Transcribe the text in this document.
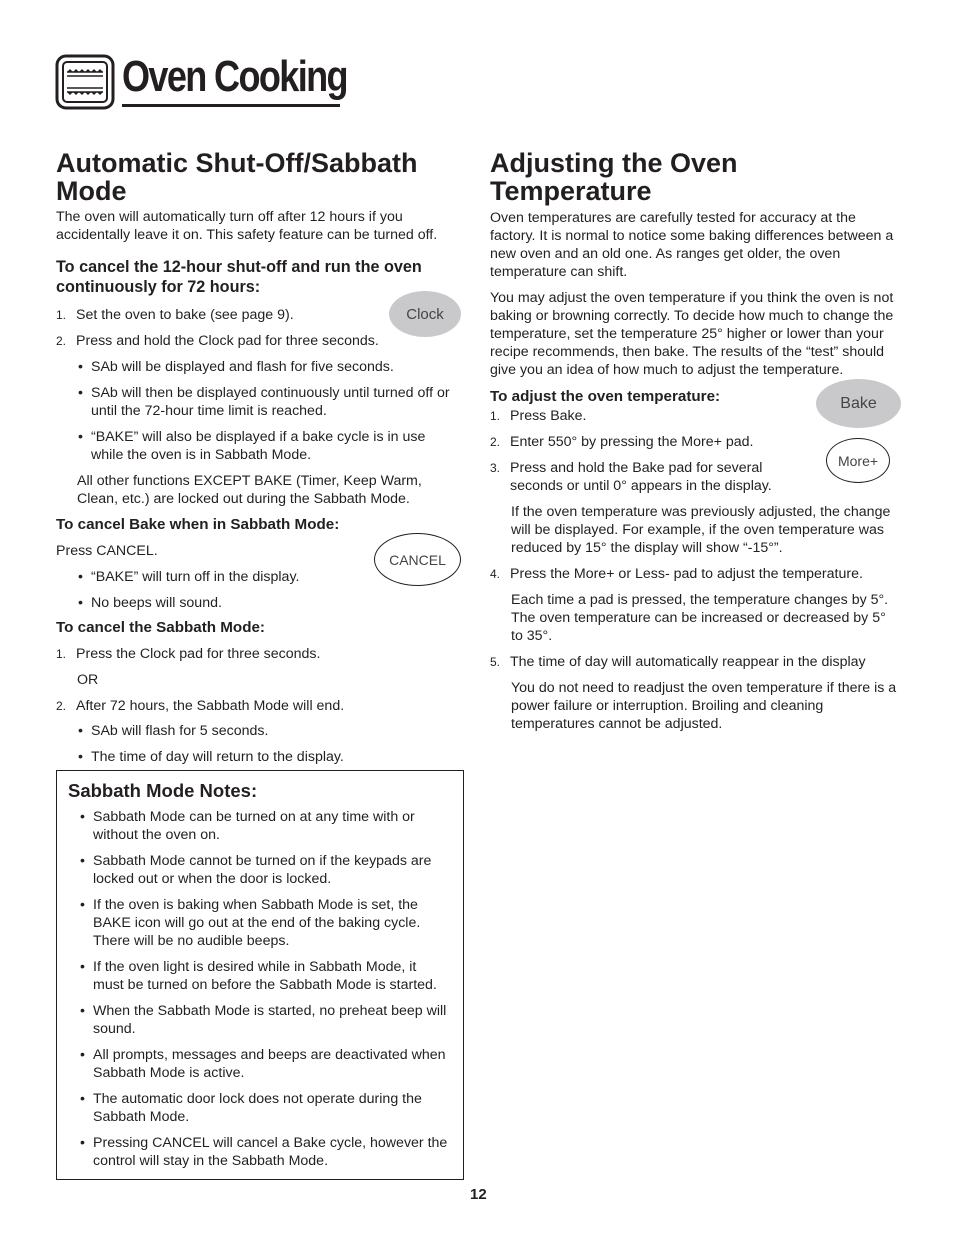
Oven Cooking
Automatic Shut-Off/Sabbath Mode

The oven will automatically turn off after 12 hours if you accidentally leave it on. This safety feature can be turned off.

To cancel the 12-hour shut-off and run the oven continuously for 72 hours:

1. Set the oven to bake (see page 9).
2. Press and hold the Clock pad for three seconds.
• SAb will be displayed and flash for five seconds.
• SAb will then be displayed continuously until turned off or until the 72-hour time limit is reached.
• “BAKE” will also be displayed if a bake cycle is in use while the oven is in Sabbath Mode.

All other functions EXCEPT BAKE (Timer, Keep Warm, Clean, etc.) are locked out during the Sabbath Mode.

To cancel Bake when in Sabbath Mode:

Press CANCEL.

• “BAKE” will turn off in the display.
• No beeps will sound.

To cancel the Sabbath Mode:

1. Press the Clock pad for three seconds.

OR

2. After 72 hours, the Sabbath Mode will end.
• SAb will flash for 5 seconds.
• The time of day will return to the display.
Clock
CANCEL
Bake
More+

Sabbath Mode Notes:

• Sabbath Mode can be turned on at any time with or without the oven on.
• Sabbath Mode cannot be turned on if the keypads are locked out or when the door is locked.
• If the oven is baking when Sabbath Mode is set, the BAKE icon will go out at the end of the baking cycle. There will be no audible beeps.
• If the oven light is desired while in Sabbath Mode, it must be turned on before the Sabbath Mode is started.
• When the Sabbath Mode is started, no preheat beep will sound.
• All prompts, messages and beeps are deactivated when Sabbath Mode is active.
• The automatic door lock does not operate during the Sabbath Mode.
• Pressing CANCEL will cancel a Bake cycle, however the control will stay in the Sabbath Mode.
Adjusting the Oven Temperature

Oven temperatures are carefully tested for accuracy at the factory. It is normal to notice some baking differences between a new oven and an old one. As ranges get older, the oven temperature can shift.

You may adjust the oven temperature if you think the oven is not baking or browning correctly. To decide how much to change the temperature, set the temperature 25° higher or lower than your recipe recommends, then bake. The results of the “test” should give you an idea of how much to adjust the temperature.

To adjust the oven temperature:

1. Press Bake.
2. Enter 550° by pressing the More+ pad.
3. Press and hold the Bake pad for several seconds or until 0° appears in the display.

If the oven temperature was previously adjusted, the change will be displayed. For example, if the oven temperature was reduced by 15° the display will show “-15°”.

4. Press the More+ or Less- pad to adjust the temperature.

Each time a pad is pressed, the temperature changes by 5°. The oven temperature can be increased or decreased by 5° to 35°.

5. The time of day will automatically reappear in the display

You do not need to readjust the oven temperature if there is a power failure or interruption. Broiling and cleaning temperatures cannot be adjusted.

12
